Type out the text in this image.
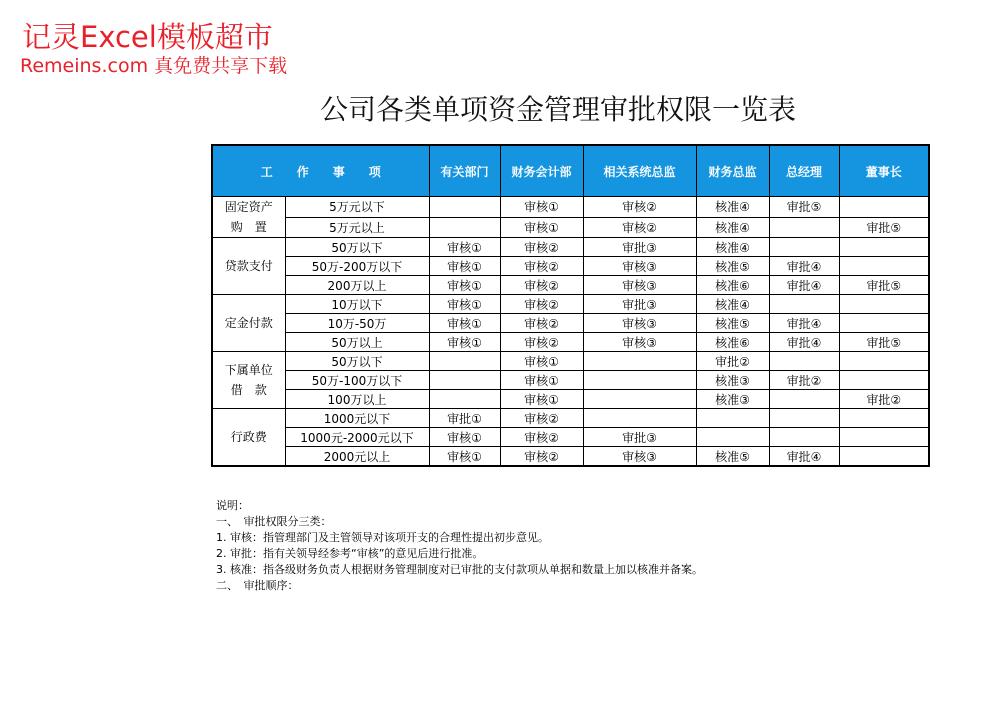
记灵Excel模板超市
Remeins.com 真免费共享下载
公司各类单项资金管理审批权限一览表
工　　作　　事　　项		有关部门	财务会计部	相关系统总监	财务总监	总经理	董事长

固定资产
购　置	5万元以下		审核①	审核②	核准④	审批⑤	
	5万元以上		审核①	审核②	核准④		审批⑤

贷款支付	50万以下	审核①	审核②	审批③	核准④		
	50万-200万以下	审核①	审核②	审核③	核准⑤	审批④	
	200万以上	审核①	审核②	审核③	核准⑥	审批④	审批⑤

定金付款	10万以下	审核①	审核②	审批③	核准④		
	10万-50万	审核①	审核②	审核③	核准⑤	审批④	
	50万以上	审核①	审核②	审核③	核准⑥	审批④	审批⑤

下属单位
借　款	50万以下		审核①		审批②		
	50万-100万以下		审核①		核准③	审批②	
	100万以上		审核①		核准③		审批②

行政费	1000元以下	审批①	审核②				
	1000元-2000元以下	审核①	审核②	审批③			
	2000元以上	审核①	审核②	审核③	核准⑤	审批④	
说明：
一、　审批权限分三类：
1. 审核：指管理部门及主管领导对该项开支的合理性提出初步意见。
2. 审批：指有关领导经参考“审核”的意见后进行批准。
3. 核准：指各级财务负责人根据财务管理制度对已审批的支付款项从单据和数量上加以核准并备案。
二、　审批顺序：
